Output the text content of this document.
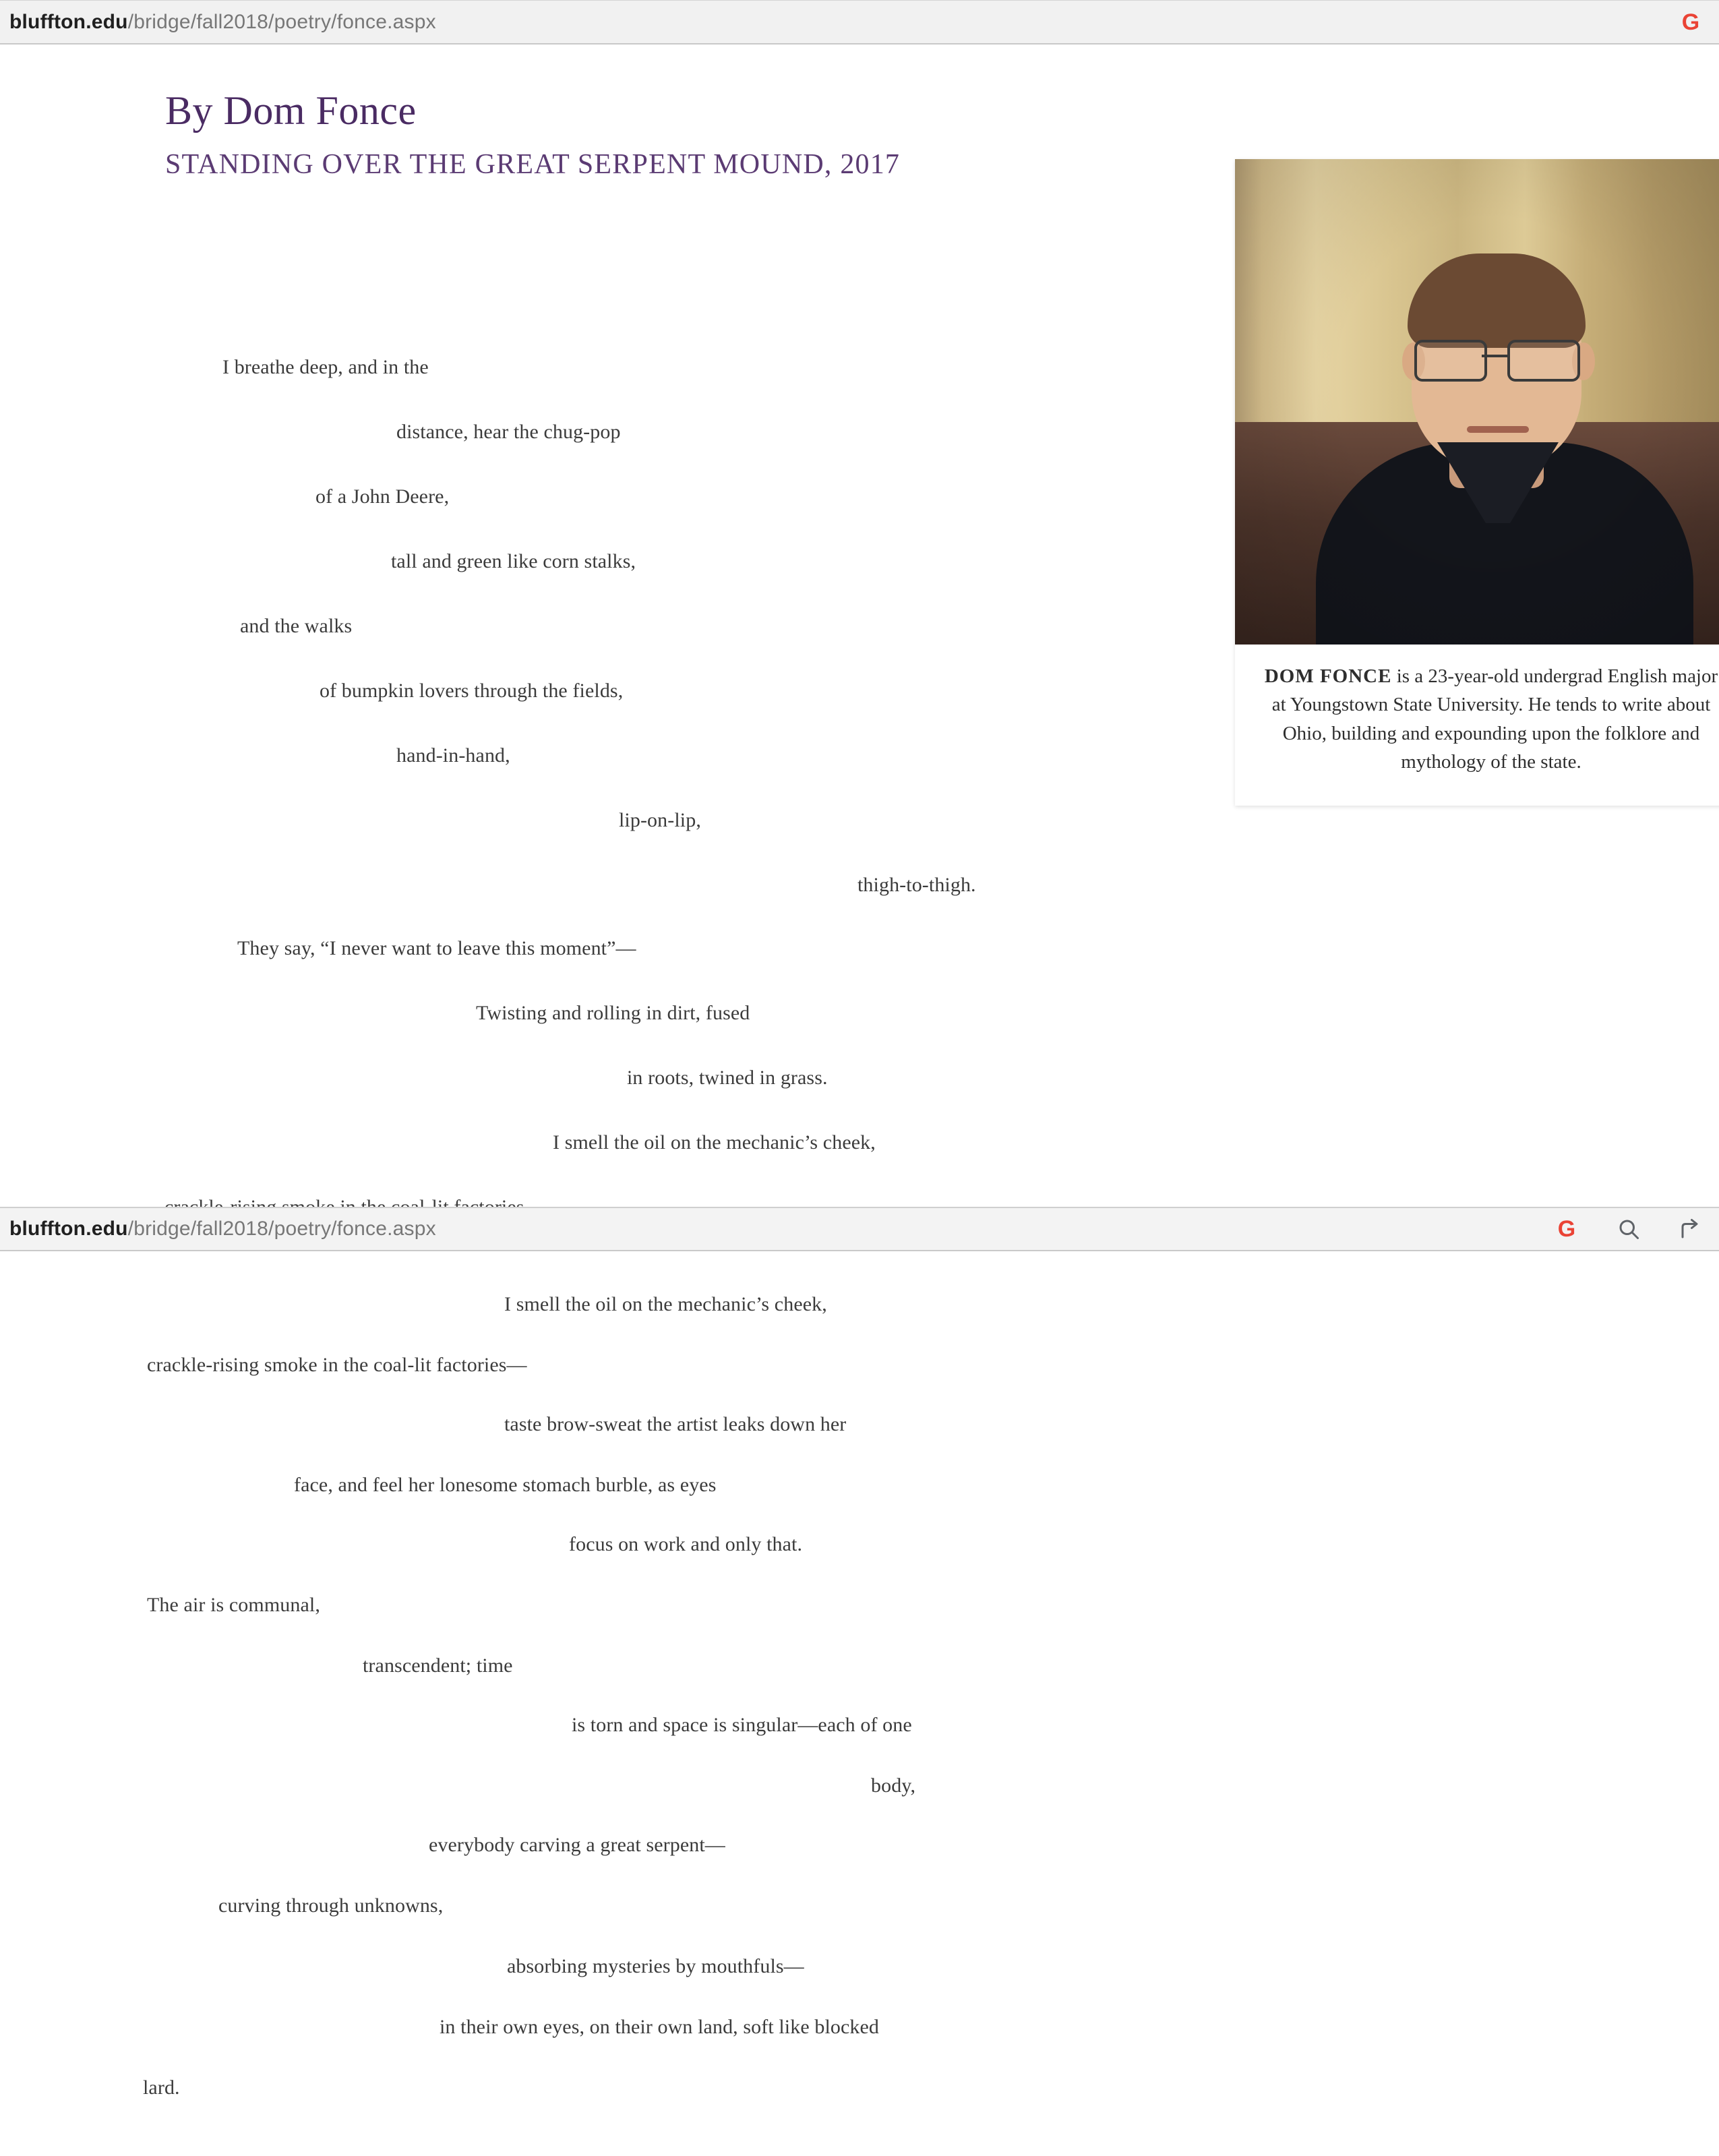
bluffton.edu/bridge/fall2018/poetry/fonce.aspx	G
By Dom Fonce
STANDING OVER THE GREAT SERPENT MOUND, 2017
I breathe deep, and in the
distance, hear the chug-pop
of a John Deere,
tall and green like corn stalks,
and the walks
of bumpkin lovers through the fields,
hand-in-hand,
lip-on-lip,
thigh-to-thigh.
They say, “I never want to leave this moment”—
Twisting and rolling in dirt, fused
in roots, twined in grass.
I smell the oil on the mechanic’s cheek,
DOM FONCE is a 23-year-old undergrad English major at Youngstown State University. He tends to write about Ohio, building and expounding upon the folklore and mythology of the state.
bluffton.edu/bridge/fall2018/poetry/fonce.aspx	G
I smell the oil on the mechanic’s cheek,
crackle-rising smoke in the coal-lit factories—
taste brow-sweat the artist leaks down her
face, and feel her lonesome stomach burble, as eyes
focus on work and only that.
The air is communal,
transcendent; time
is torn and space is singular—each of one
body,
everybody carving a great serpent—
curving through unknowns,
absorbing mysteries by mouthfuls—
in their own eyes, on their own land, soft like blocked
lard.
